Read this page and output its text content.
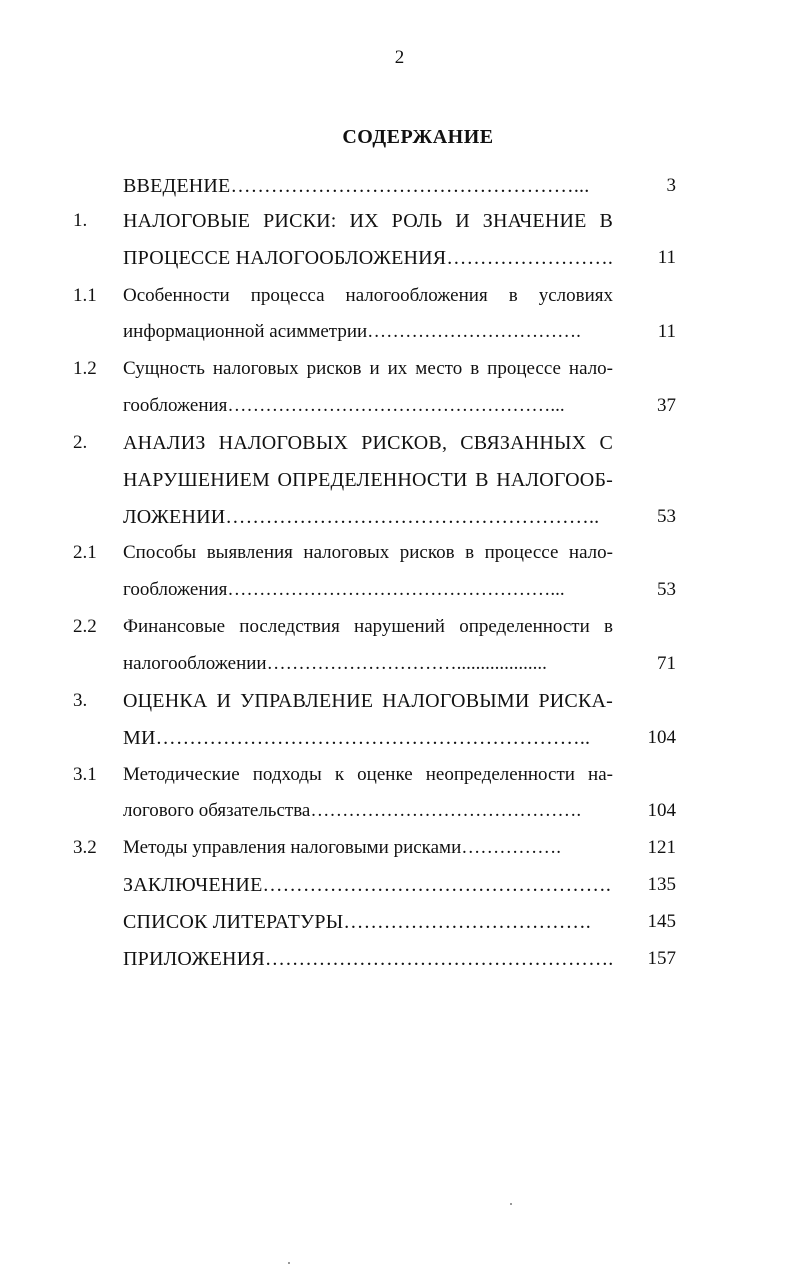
2
СОДЕРЖАНИЕ
ВВЕДЕНИЕ……………………………………………...	3
1. НАЛОГОВЫЕ РИСКИ: ИХ РОЛЬ И ЗНАЧЕНИЕ В
ПРОЦЕССЕ НАЛОГООБЛОЖЕНИЯ…………………….	11
1.1 Особенности процесса налогообложения в условиях
информационной асимметрии…………………………….	11
1.2 Сущность налоговых рисков и их место в процессе нало-
гообложения……………………………………………...	37
2. АНАЛИЗ НАЛОГОВЫХ РИСКОВ, СВЯЗАННЫХ С
НАРУШЕНИЕМ ОПРЕДЕЛЕННОСТИ В НАЛОГООБ-
ЛОЖЕНИИ………………………………………………..	53
2.1 Способы выявления налоговых рисков в процессе нало-
гообложения……………………………………………...	53
2.2 Финансовые последствия нарушений определенности в
налогообложении…………………………...................	71
3. ОЦЕНКА И УПРАВЛЕНИЕ НАЛОГОВЫМИ РИСКА-
МИ………………………………………………………..	104
3.1 Методические подходы к оценке неопределенности на-
логового обязательства…………………………………….	104
3.2 Методы управления налоговыми рисками…………….	121
ЗАКЛЮЧЕНИЕ…………………………………………….	135
СПИСОК ЛИТЕРАТУРЫ……………………………….	145
ПРИЛОЖЕНИЯ…………………………………………….	157
